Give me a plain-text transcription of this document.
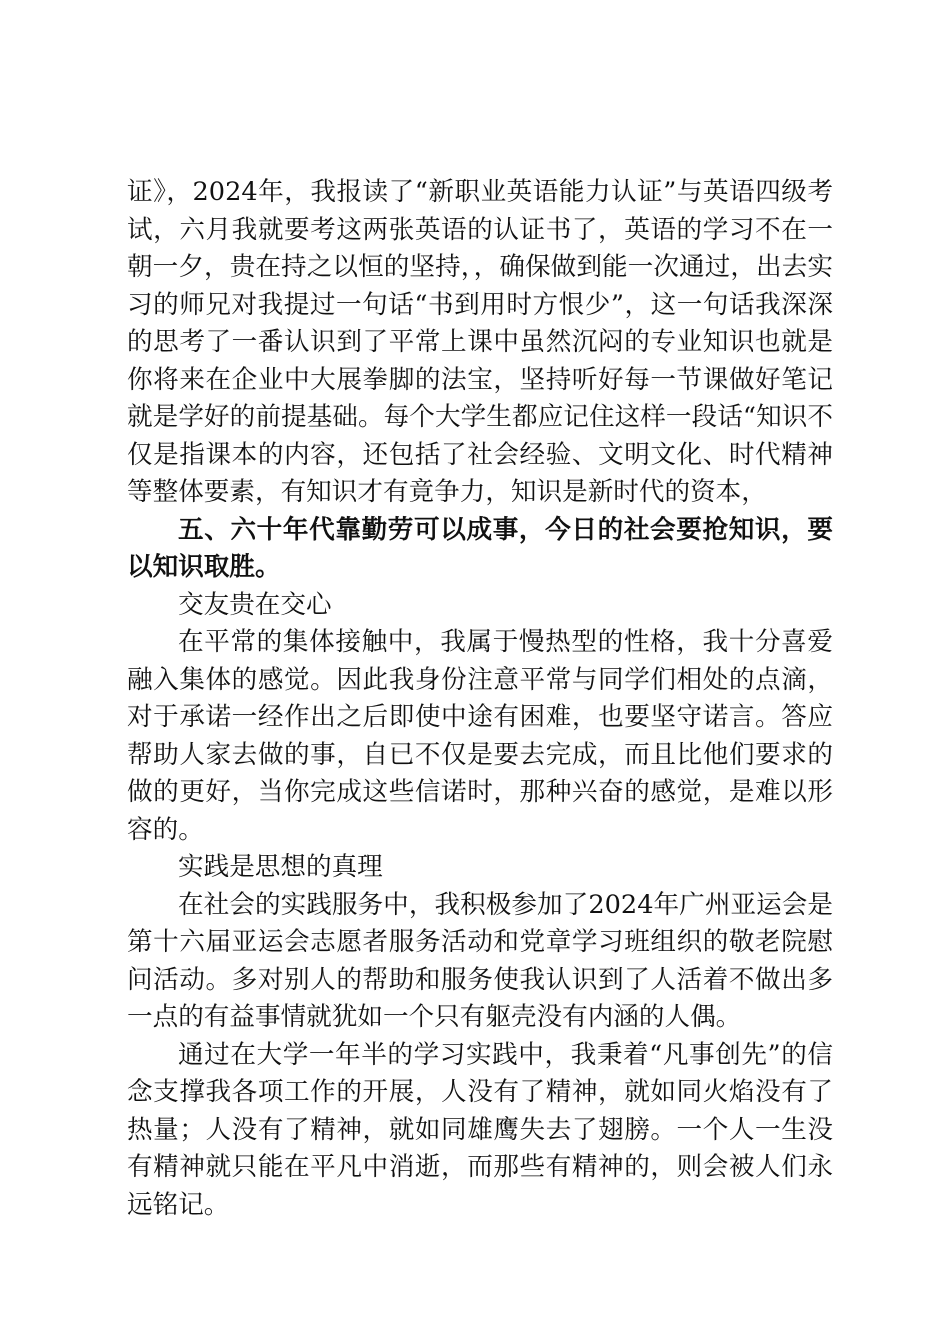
证》，2024年，我报读了“新职业英语能力认证”与英语四级考试，六月我就要考这两张英语的认证书了，英语的学习不在一朝一夕，贵在持之以恒的坚持，，确保做到能一次通过，出去实习的师兄对我提过一句话“书到用时方恨少”，这一句话我深深的思考了一番认识到了平常上课中虽然沉闷的专业知识也就是你将来在企业中大展拳脚的法宝，坚持听好每一节课做好笔记就是学好的前提基础。每个大学生都应记住这样一段话“知识不仅是指课本的内容，还包括了社会经验、文明文化、时代精神等整体要素，有知识才有竟争力，知识是新时代的资本，

五、六十年代靠勤劳可以成事，今日的社会要抢知识，要以知识取胜。

交友贵在交心

在平常的集体接触中，我属于慢热型的性格，我十分喜爱融入集体的感觉。因此我身份注意平常与同学们相处的点滴，对于承诺一经作出之后即使中途有困难，也要坚守诺言。答应帮助人家去做的事，自已不仅是要去完成，而且比他们要求的做的更好，当你完成这些信诺时，那种兴奋的感觉，是难以形容的。

实践是思想的真理

在社会的实践服务中，我积极参加了2024年广州亚运会是第十六届亚运会志愿者服务活动和党章学习班组织的敬老院慰问活动。多对别人的帮助和服务使我认识到了人活着不做出多一点的有益事情就犹如一个只有躯壳没有内涵的人偶。

通过在大学一年半的学习实践中，我秉着“凡事创先”的信念支撑我各项工作的开展，人没有了精神，就如同火焰没有了热量；人没有了精神，就如同雄鹰失去了翅膀。一个人一生没有精神就只能在平凡中消逝，而那些有精神的，则会被人们永远铭记。
